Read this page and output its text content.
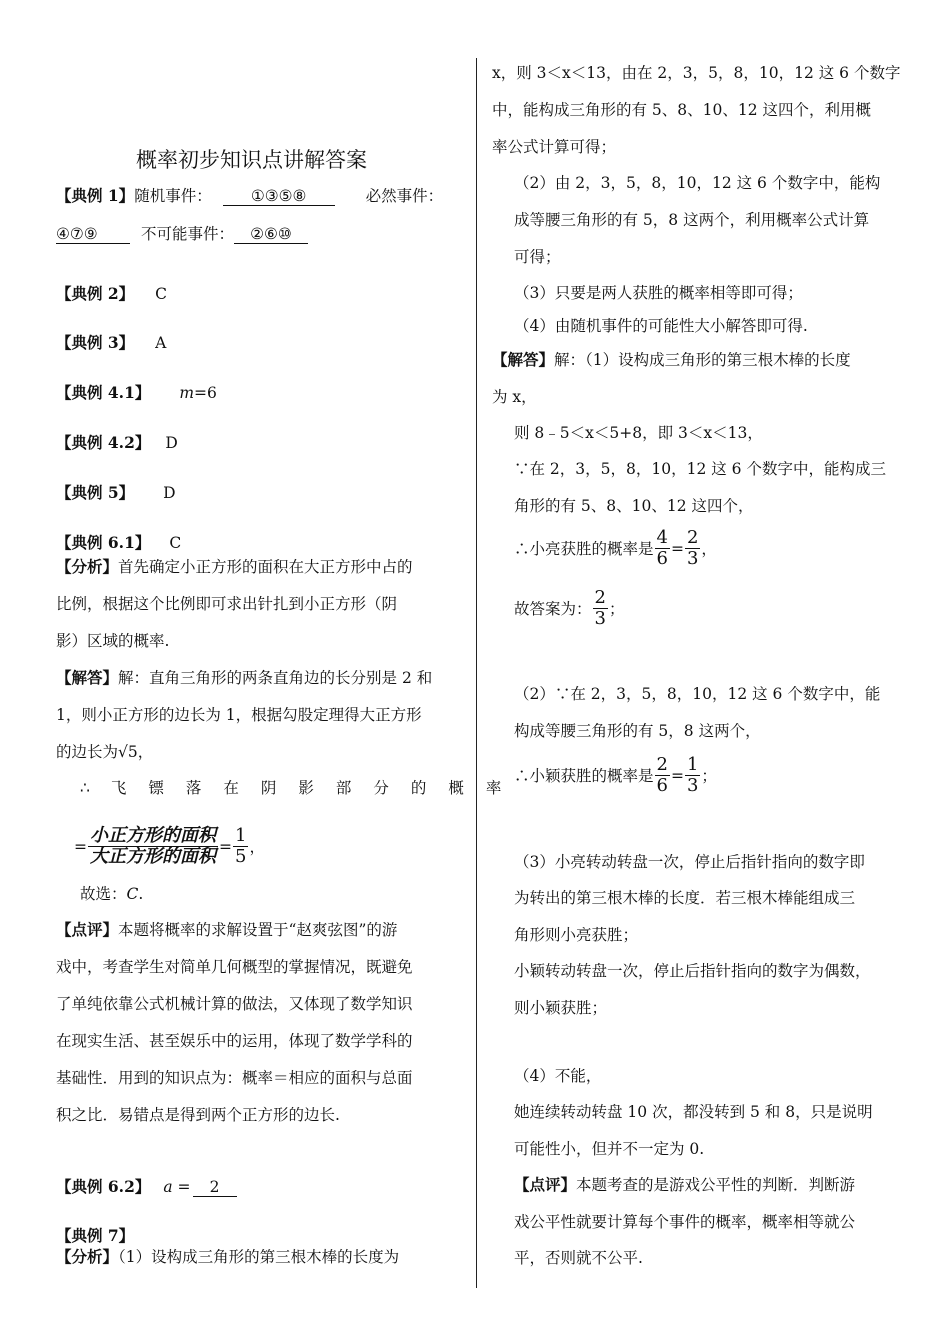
概率初步知识点讲解答案
【典例 1】随机事件：	①③⑤⑧	必然事件：
④⑦⑨	不可能事件： ②⑥⑩
【典例 2】 C
【典例 3】 A
【典例 4.1】 m=6
【典例 4.2】 D
【典例 5】 D
【典例 6.1】 C
【分析】首先确定小正方形的面积在大正方形中占的
比例，根据这个比例即可求出针扎到小正方形（阴
影）区域的概率.
【解答】解：直角三角形的两条直角边的长分别是 2 和
1，则小正方形的边长为 1，根据勾股定理得大正方形
的边长为√5，
∴ 飞镖落在阴影部分的概率
= $\frac{\text{小正方形的面积}}{\text{大正方形的面积}} = \frac{1}{5}$ ，
故选：C.
【点评】本题将概率的求解设置于“赵爽弦图”的游
戏中，考查学生对简单几何概型的掌握情况，既避免
了单纯依靠公式机械计算的做法，又体现了数学知识
在现实生活、甚至娱乐中的运用，体现了数学学科的
基础性．用到的知识点为：概率＝相应的面积与总面
积之比．易错点是得到两个正方形的边长.
【典例 6.2】 a = 2
【典例 7】
【分析】（1）设构成三角形的第三根木棒的长度为
x，则 3＜x＜13，由在 2，3，5，8，10，12 这 6 个数字
中，能构成三角形的有 5、8、10、12 这四个，利用概
率公式计算可得；
（2）由 2，3，5，8，10，12 这 6 个数字中，能构
成等腰三角形的有 5，8 这两个，利用概率公式计算
可得；
（3）只要是两人获胜的概率相等即可得；
（4）由随机事件的可能性大小解答即可得.
【解答】解：（1）设构成三角形的第三根木棒的长度
为 x，
则 8﹣5＜x＜5+8，即 3＜x＜13，
∵在 2，3，5，8，10，12 这 6 个数字中，能构成三
角形的有 5、8、10、12 这四个，
∴小亮获胜的概率是 $\frac{4}{6} = \frac{2}{3}$ ，
故答案为： $\frac{2}{3}$ ；
（2）∵在 2，3，5，8，10，12 这 6 个数字中，能
构成等腰三角形的有 5，8 这两个，
∴小颖获胜的概率是 $\frac{2}{6} = \frac{1}{3}$ ；
（3）小亮转动转盘一次，停止后指针指向的数字即
为转出的第三根木棒的长度．若三根木棒能组成三
角形则小亮获胜；
小颖转动转盘一次，停止后指针指向的数字为偶数，
则小颖获胜；
（4）不能，
她连续转动转盘 10 次，都没转到 5 和 8，只是说明
可能性小，但并不一定为 0.
【点评】本题考查的是游戏公平性的判断．判断游
戏公平性就要计算每个事件的概率，概率相等就公
平，否则就不公平.
